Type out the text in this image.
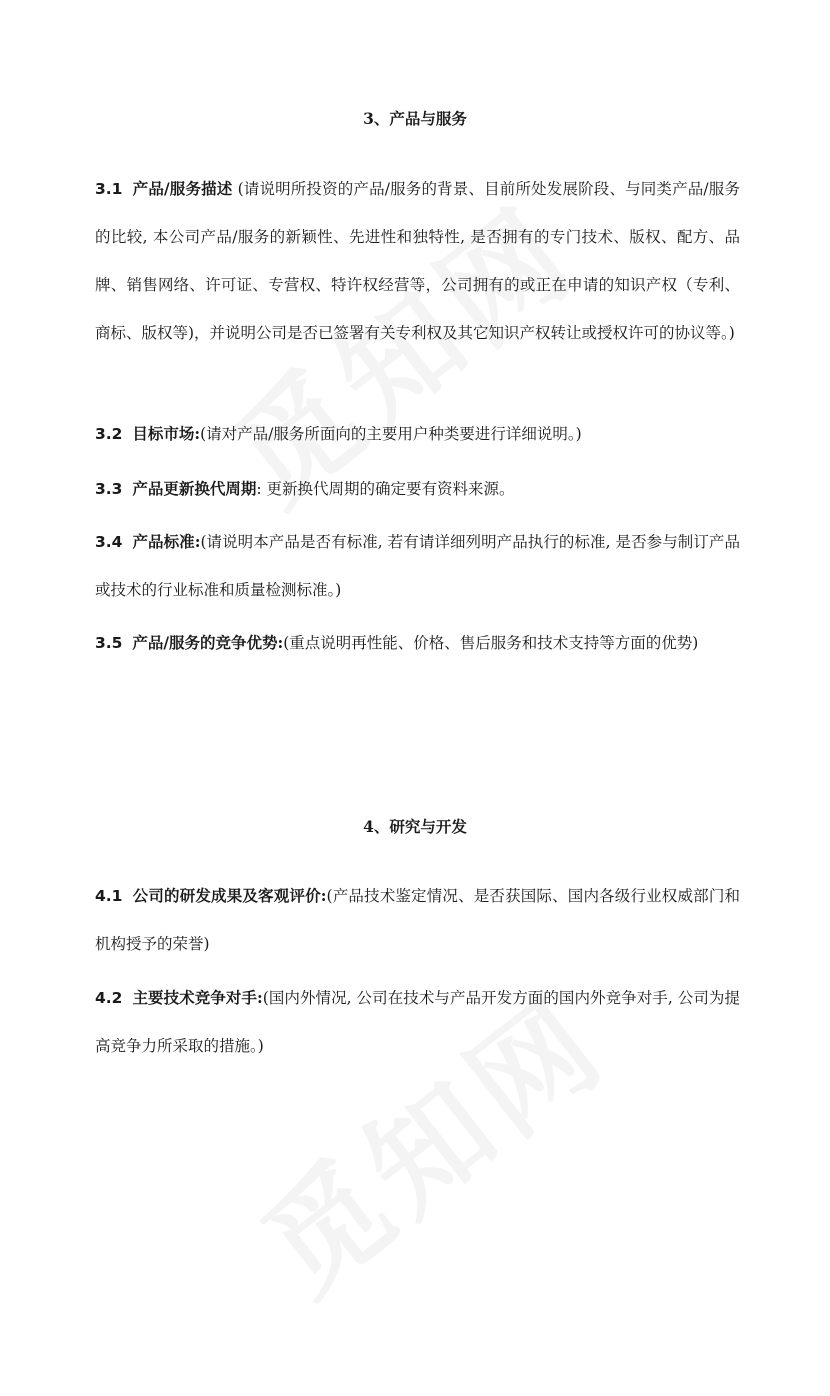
3、产品与服务
3.1 产品/服务描述 (请说明所投资的产品/服务的背景、目前所处发展阶段、与同类产品/服务的比较, 本公司产品/服务的新颖性、先进性和独特性, 是否拥有的专门技术、版权、配方、品牌、销售网络、许可证、专营权、特许权经营等，公司拥有的或正在申请的知识产权（专利、商标、版权等)，并说明公司是否已签署有关专利权及其它知识产权转让或授权许可的协议等。)
3.2 目标市场:(请对产品/服务所面向的主要用户种类要进行详细说明。)
3.3 产品更新换代周期: 更新换代周期的确定要有资料来源。
3.4 产品标准:(请说明本产品是否有标准, 若有请详细列明产品执行的标准, 是否参与制订产品或技术的行业标准和质量检测标准。)
3.5 产品/服务的竞争优势:(重点说明再性能、价格、售后服务和技术支持等方面的优势)
4、研究与开发
4.1 公司的研发成果及客观评价:(产品技术鉴定情况、是否获国际、国内各级行业权威部门和机构授予的荣誉)
4.2 主要技术竞争对手:(国内外情况, 公司在技术与产品开发方面的国内外竞争对手, 公司为提高竞争力所采取的措施。)
